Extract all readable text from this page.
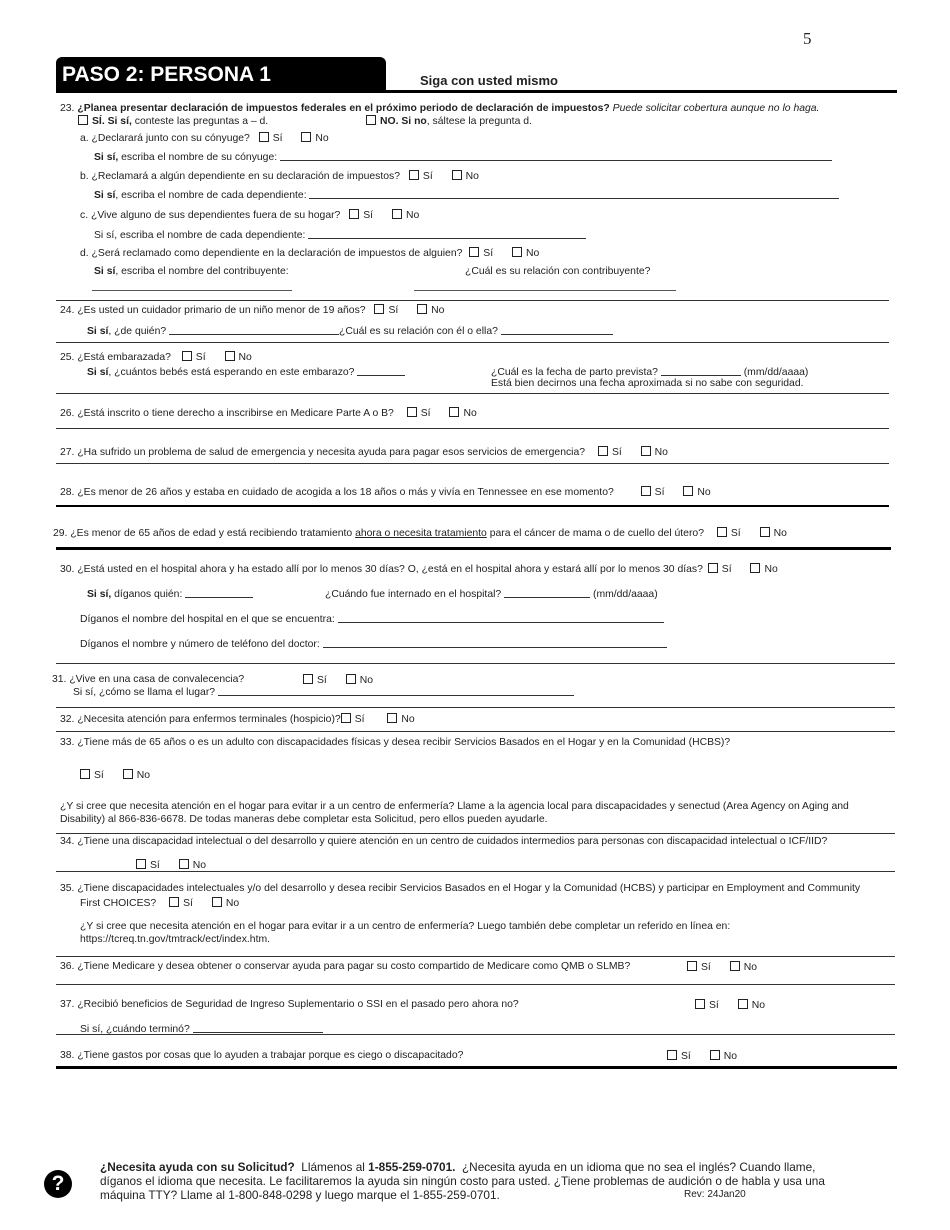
5
PASO 2: PERSONA 1	Siga con usted mismo
23. ¿Planea presentar declaración de impuestos federales en el próximo periodo de declaración de impuestos? Puede solicitar cobertura aunque no lo haga.
SÍ. Si sí, conteste las preguntas a – d.	NO. Si no, sáltese la pregunta d.
a. ¿Declarará junto con su cónyuge? Sí	No
Si sí, escriba el nombre de su cónyuge:
b. ¿Reclamará a algún dependiente en su declaración de impuestos? Sí	No
Si sí, escriba el nombre de cada dependiente:
c. ¿Vive alguno de sus dependientes fuera de su hogar? Sí	No
Si sí, escriba el nombre de cada dependiente:
d. ¿Será reclamado como dependiente en la declaración de impuestos de alguien? Sí	No
Si sí, escriba el nombre del contribuyente:	¿Cuál es su relación con contribuyente?
24. ¿Es usted un cuidador primario de un niño menor de 19 años? Sí	No
Si sí, ¿de quién?	¿Cuál es su relación con él o ella?
25. ¿Está embarazada? Sí	No
Si sí, ¿cuántos bebés está esperando en este embarazo?	¿Cuál es la fecha de parto prevista?	(mm/dd/aaaa)
Está bien decirnos una fecha aproximada si no sabe con seguridad.
26. ¿Está inscrito o tiene derecho a inscribirse en Medicare Parte A o B?	Sí	No
27. ¿Ha sufrido un problema de salud de emergencia y necesita ayuda para pagar esos servicios de emergencia?	Sí	No
28. ¿Es menor de 26 años y estaba en cuidado de acogida a los 18 años o más y vivía en Tennessee en ese momento?	Sí	No
29. ¿Es menor de 65 años de edad y está recibiendo tratamiento ahora o necesita tratamiento para el cáncer de mama o de cuello del útero?	Sí	No
30. ¿Está usted en el hospital ahora y ha estado allí por lo menos 30 días? O, ¿está en el hospital ahora y estará allí por lo menos 30 días? Sí	No
Si sí, díganos quién:	¿Cuándo fue internado en el hospital?	(mm/dd/aaaa)
Díganos el nombre del hospital en el que se encuentra:
Díganos el nombre y número de teléfono del doctor:
31. ¿Vive en una casa de convalecencia?	Sí	No
Si sí, ¿cómo se llama el lugar?
32. ¿Necesita atención para enfermos terminales (hospicio)? Sí	No
33. ¿Tiene más de 65 años o es un adulto con discapacidades físicas y desea recibir Servicios Basados en el Hogar y en la Comunidad (HCBS)?
Sí	No
¿Y si cree que necesita atención en el hogar para evitar ir a un centro de enfermería? Llame a la agencia local para discapacidades y senectud (Area Agency on Aging and
Disability) al 866-836-6678. De todas maneras debe completar esta Solicitud, pero ellos pueden ayudarle.
34. ¿Tiene una discapacidad intelectual o del desarrollo y quiere atención en un centro de cuidados intermedios para personas con discapacidad intelectual o ICF/IID?
Sí	No
35. ¿Tiene discapacidades intelectuales y/o del desarrollo y desea recibir Servicios Basados en el Hogar y la Comunidad (HCBS) y participar en Employment and Community
First CHOICES?	Sí	No
¿Y si cree que necesita atención en el hogar para evitar ir a un centro de enfermería? Luego también debe completar un referido en línea en:
https://tcreq.tn.gov/tmtrack/ect/index.htm.
36. ¿Tiene Medicare y desea obtener o conservar ayuda para pagar su costo compartido de Medicare como QMB o SLMB?	Sí	No
37. ¿Recibió beneficios de Seguridad de Ingreso Suplementario o SSI en el pasado pero ahora no?	Sí	No
Si sí, ¿cuándo terminó?
38. ¿Tiene gastos por cosas que lo ayuden a trabajar porque es ciego o discapacitado?	Sí	No
?
¿Necesita ayuda con su Solicitud? Llámenos al 1-855-259-0701. ¿Necesita ayuda en un idioma que no sea el inglés? Cuando llame,
díganos el idioma que necesita. Le facilitaremos la ayuda sin ningún costo para usted. ¿Tiene problemas de audición o de habla y usa una
máquina TTY? Llame al 1-800-848-0298 y luego marque el 1-855-259-0701.	Rev: 24Jan20
